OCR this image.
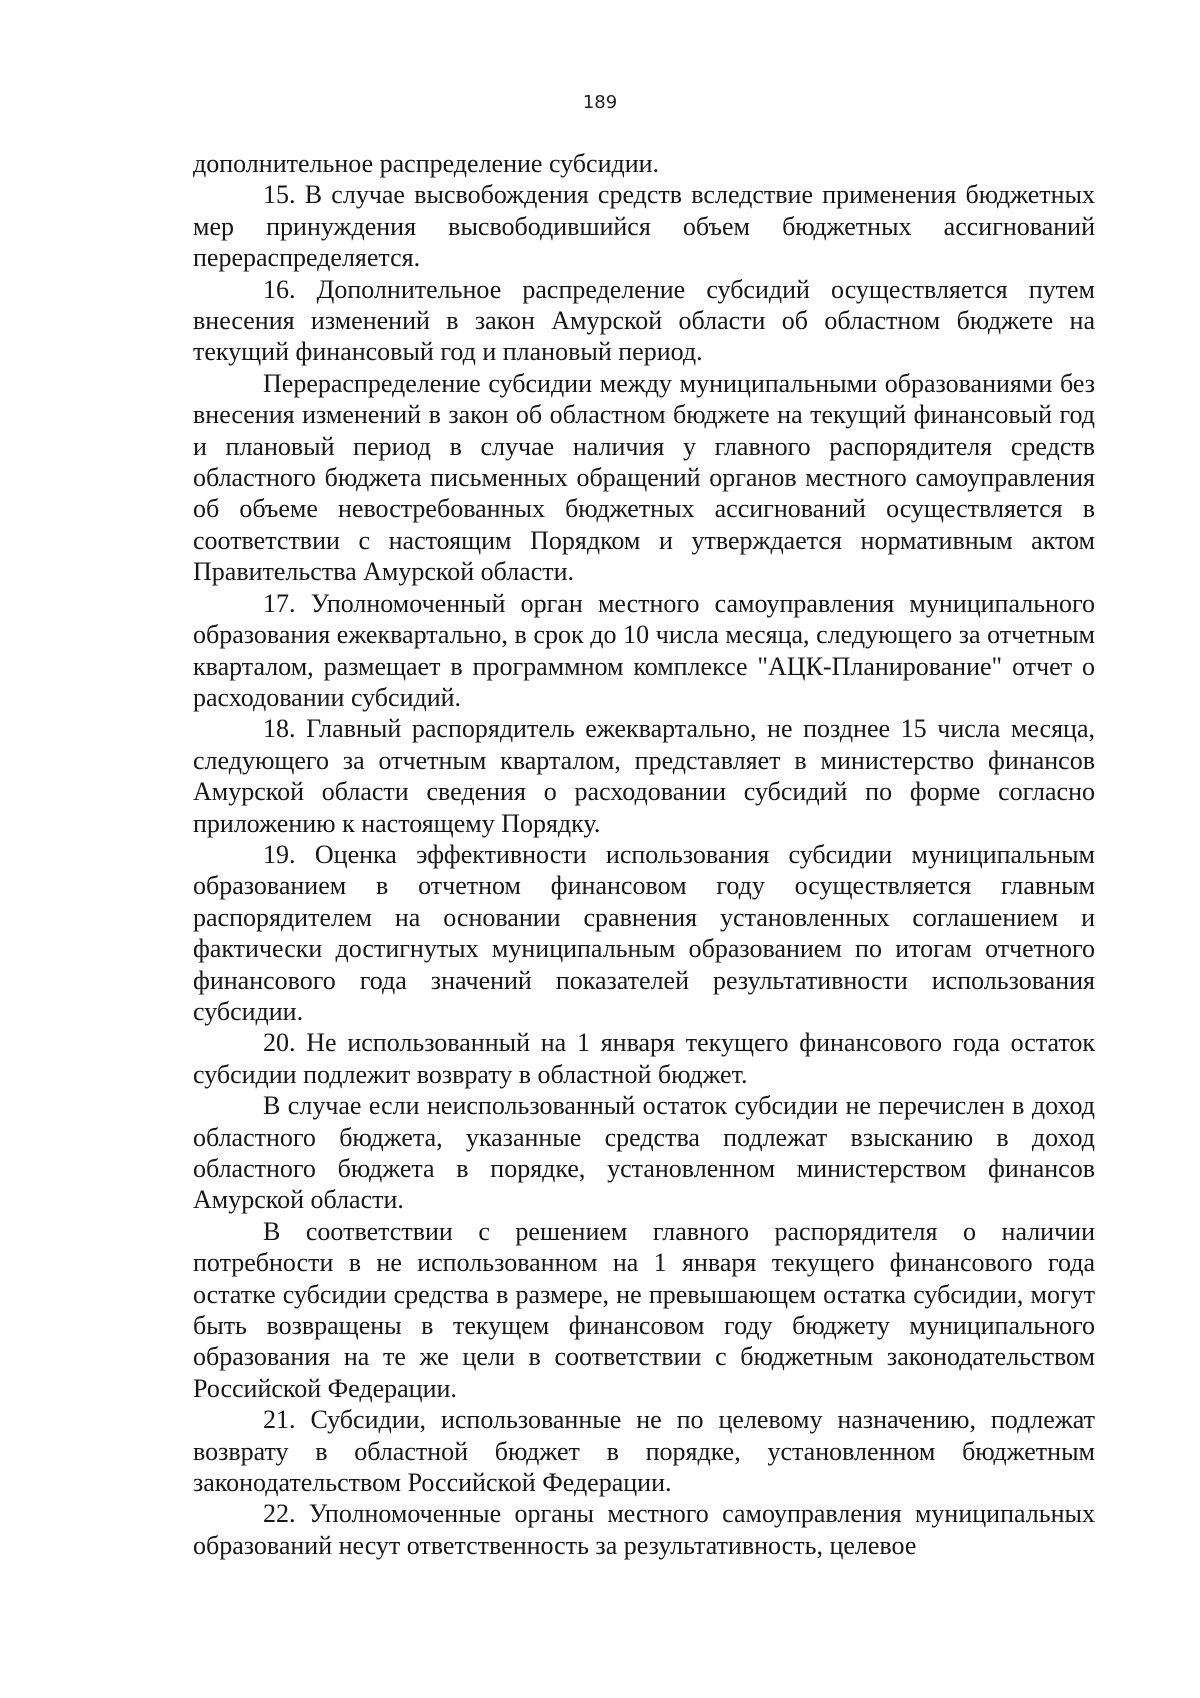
189

дополнительное распределение субсидии.

15. В случае высвобождения средств вследствие применения бюджетных мер принуждения высвободившийся объем бюджетных ассигнований перераспределяется.

16. Дополнительное распределение субсидий осуществляется путем внесения изменений в закон Амурской области об областном бюджете на текущий финансовый год и плановый период.

Перераспределение субсидии между муниципальными образованиями без внесения изменений в закон об областном бюджете на текущий финансовый год и плановый период в случае наличия у главного распорядителя средств областного бюджета письменных обращений органов местного самоуправления об объеме невостребованных бюджетных ассигнований осуществляется в соответствии с настоящим Порядком и утверждается нормативным актом Правительства Амурской области.

17. Уполномоченный орган местного самоуправления муниципального образования ежеквартально, в срок до 10 числа месяца, следующего за отчетным кварталом, размещает в программном комплексе "АЦК-Планирование" отчет о расходовании субсидий.

18. Главный распорядитель ежеквартально, не позднее 15 числа месяца, следующего за отчетным кварталом, представляет в министерство финансов Амурской области сведения о расходовании субсидий по форме согласно приложению к настоящему Порядку.

19. Оценка эффективности использования субсидии муниципальным образованием в отчетном финансовом году осуществляется главным распорядителем на основании сравнения установленных соглашением и фактически достигнутых муниципальным образованием по итогам отчетного финансового года значений показателей результативности использования субсидии.

20. Не использованный на 1 января текущего финансового года остаток субсидии подлежит возврату в областной бюджет.

В случае если неиспользованный остаток субсидии не перечислен в доход областного бюджета, указанные средства подлежат взысканию в доход областного бюджета в порядке, установленном министерством финансов Амурской области.

В соответствии с решением главного распорядителя о наличии потребности в не использованном на 1 января текущего финансового года остатке субсидии средства в размере, не превышающем остатка субсидии, могут быть возвращены в текущем финансовом году бюджету муниципального образования на те же цели в соответствии с бюджетным законодательством Российской Федерации.

21. Субсидии, использованные не по целевому назначению, подлежат возврату в областной бюджет в порядке, установленном бюджетным законодательством Российской Федерации.

22. Уполномоченные органы местного самоуправления муниципальных образований несут ответственность за результативность, целевое
